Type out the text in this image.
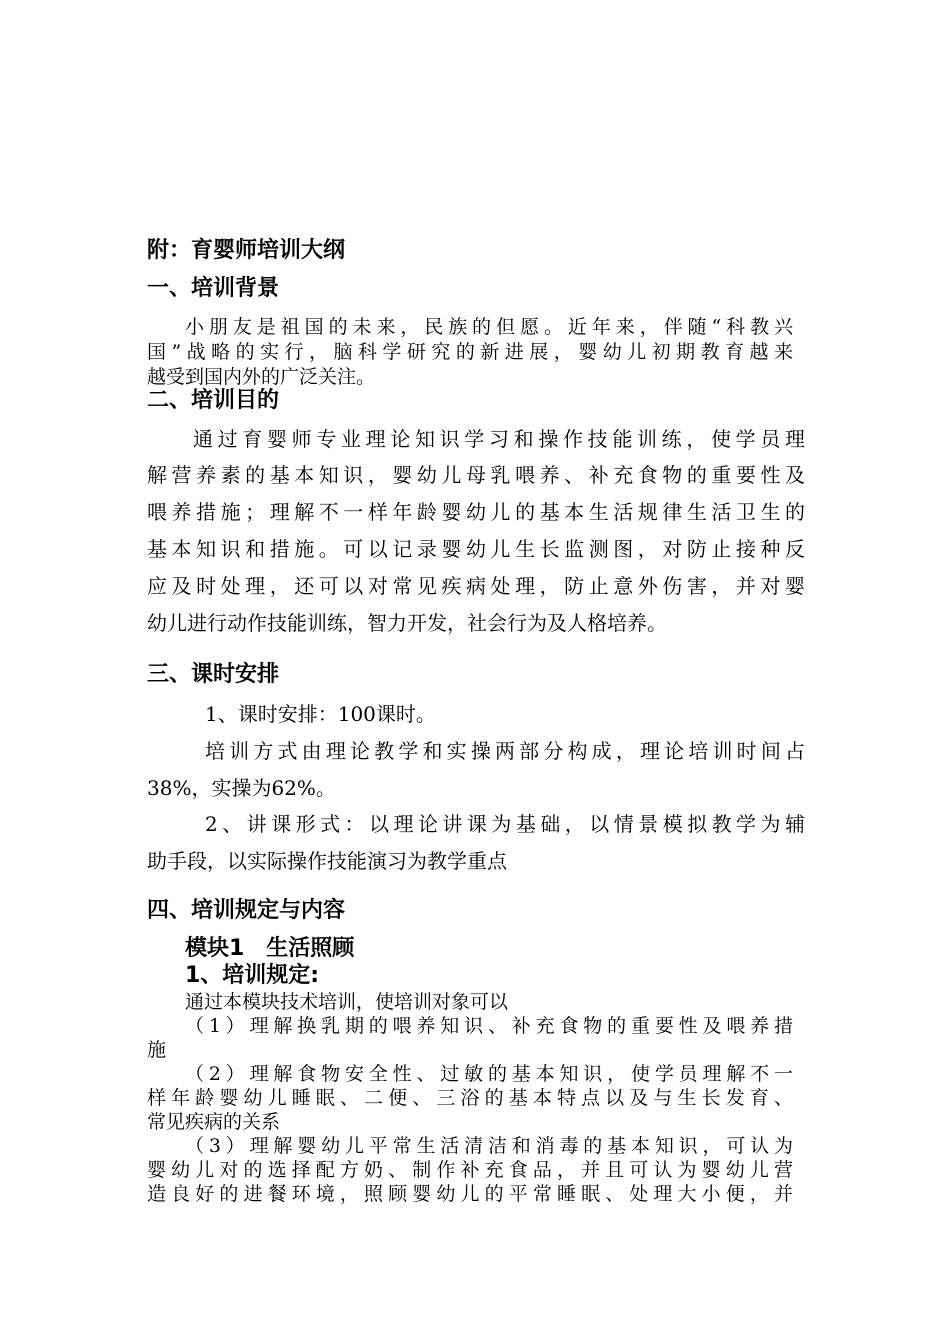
附：育婴师培训大纲
一、培训背景
小朋友是祖国的未来，民族的但愿。近年来，伴随“科教兴
国”战略的实行，脑科学研究的新进展，婴幼儿初期教育越来
越受到国内外的广泛关注。
二、培训目的
通过育婴师专业理论知识学习和操作技能训练，使学员理
解营养素的基本知识，婴幼儿母乳喂养、补充食物的重要性及
喂养措施；理解不一样年龄婴幼儿的基本生活规律生活卫生的
基本知识和措施。可以记录婴幼儿生长监测图，对防止接种反
应及时处理，还可以对常见疾病处理，防止意外伤害，并对婴
幼儿进行动作技能训练，智力开发，社会行为及人格培养。
三、课时安排
1、课时安排：100课时。
培训方式由理论教学和实操两部分构成，理论培训时间占
38%，实操为62%。
2、讲课形式：以理论讲课为基础，以情景模拟教学为辅
助手段，以实际操作技能演习为教学重点
四、培训规定与内容
模块1　生活照顾
1、培训规定:
通过本模块技术培训，使培训对象可以
（1）理解换乳期的喂养知识、补充食物的重要性及喂养措
施
（2）理解食物安全性、过敏的基本知识，使学员理解不一
样年龄婴幼儿睡眠、二便、三浴的基本特点以及与生长发育、
常见疾病的关系
（3）理解婴幼儿平常生活清洁和消毒的基本知识，可认为
婴幼儿对的选择配方奶、制作补充食品，并且可认为婴幼儿营
造良好的进餐环境，照顾婴幼儿的平常睡眠、处理大小便，并
